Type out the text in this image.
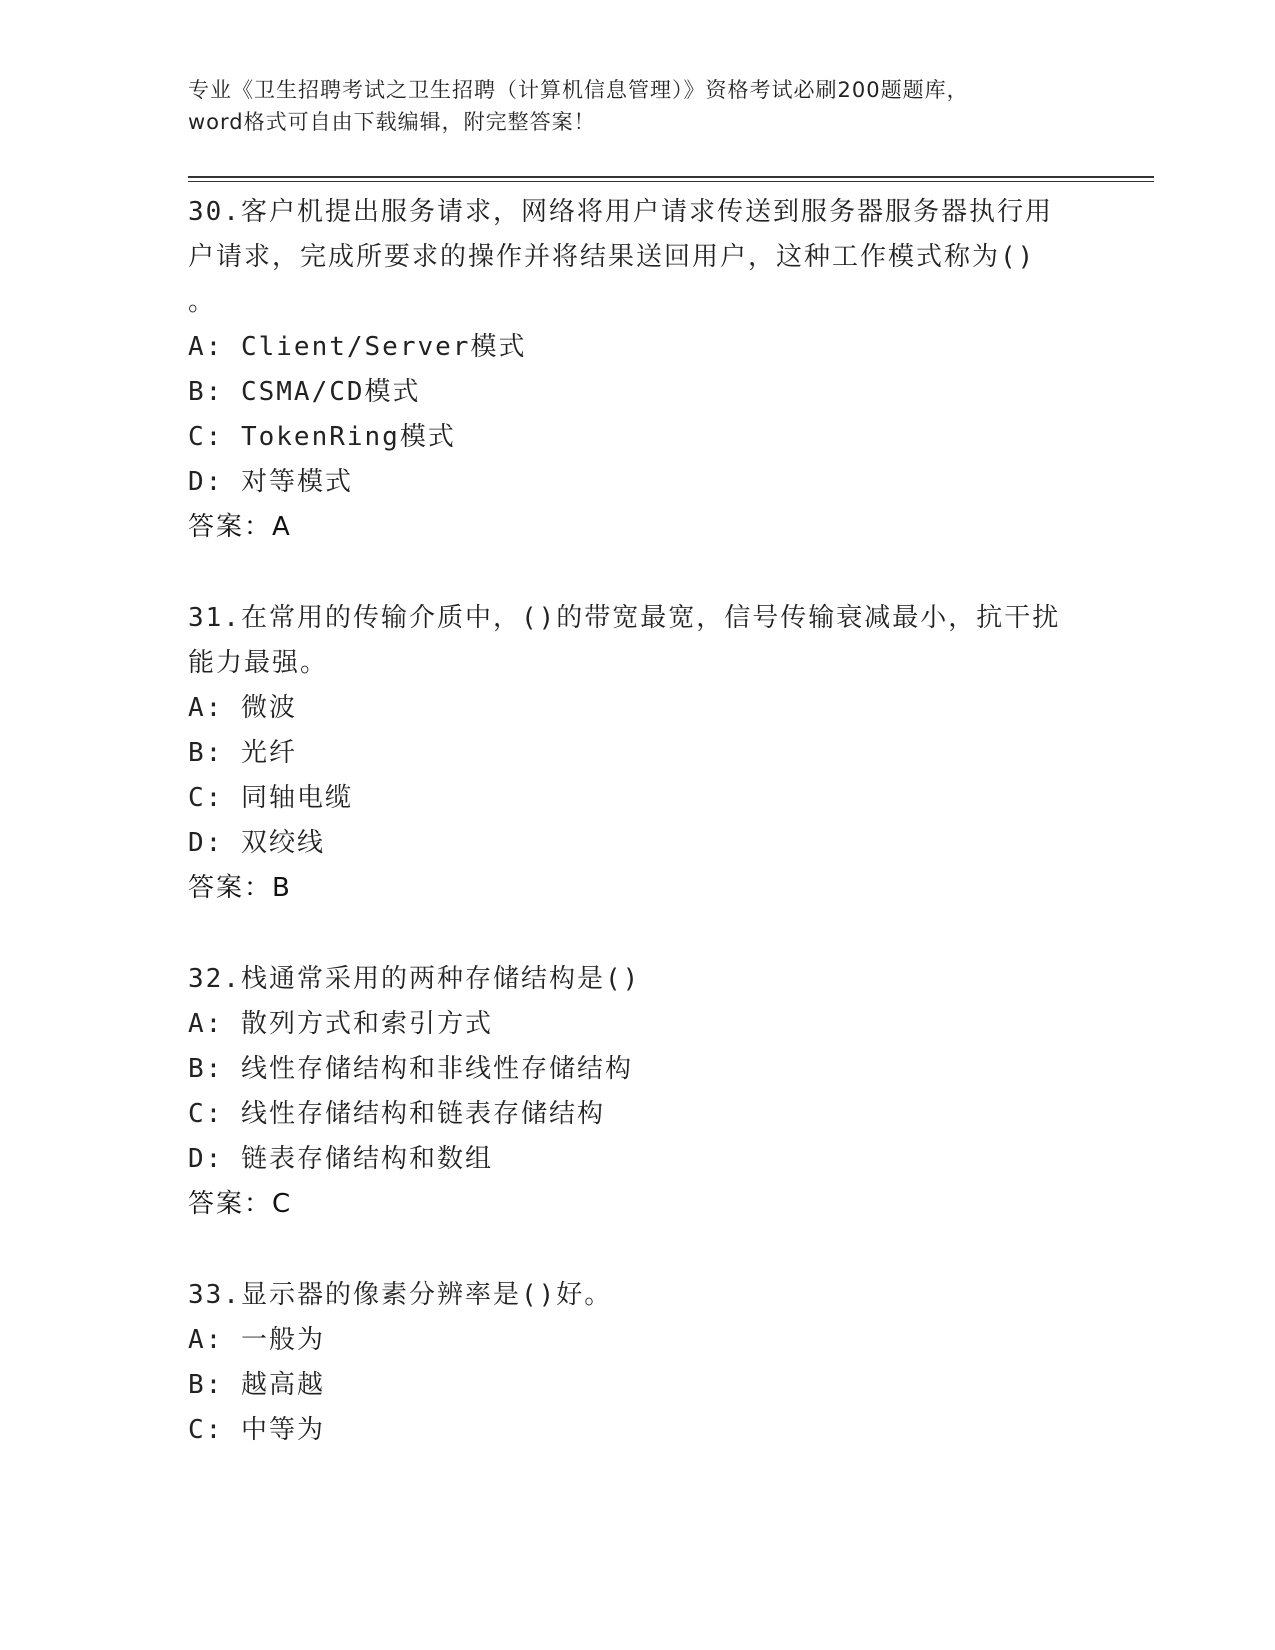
专业《卫生招聘考试之卫生招聘（计算机信息管理）》资格考试必刷200题题库，
word格式可自由下载编辑，附完整答案！
30.客户机提出服务请求，网络将用户请求传送到服务器服务器执行用
户请求，完成所要求的操作并将结果送回用户，这种工作模式称为()
。
A: Client/Server模式
B: CSMA/CD模式
C: TokenRing模式
D: 对等模式
答案：A
31.在常用的传输介质中，()的带宽最宽，信号传输衰减最小，抗干扰
能力最强。
A: 微波
B: 光纤
C: 同轴电缆
D: 双绞线
答案：B
32.栈通常采用的两种存储结构是()
A: 散列方式和索引方式
B: 线性存储结构和非线性存储结构
C: 线性存储结构和链表存储结构
D: 链表存储结构和数组
答案：C
33.显示器的像素分辨率是()好。
A: 一般为
B: 越高越
C: 中等为
